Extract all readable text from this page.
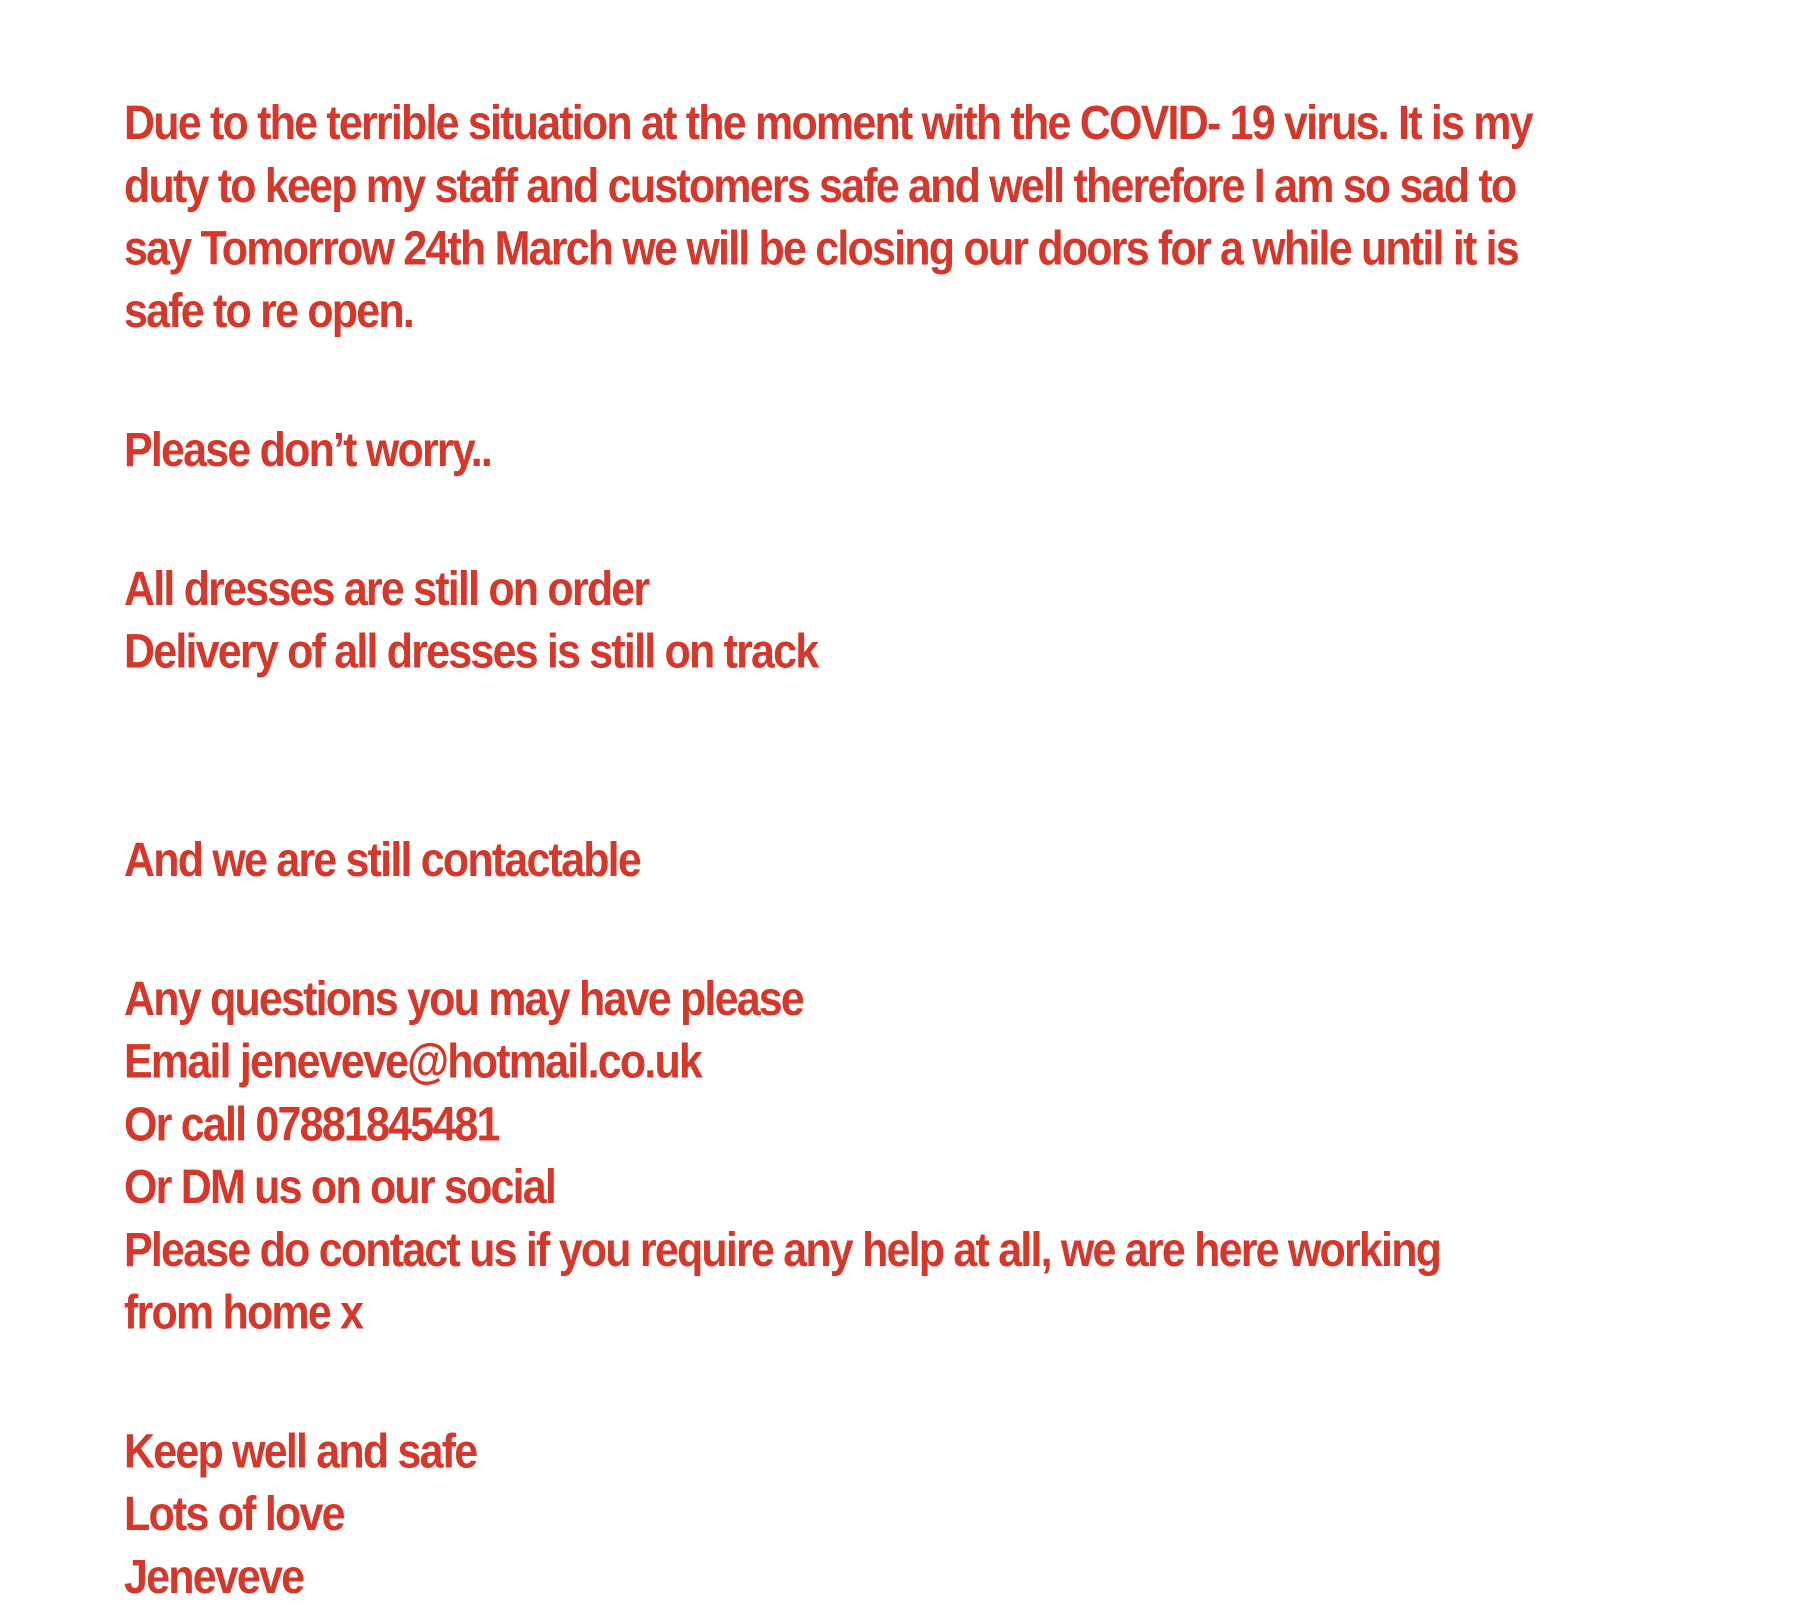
Due to the terrible situation at the moment with the COVID- 19 virus. It is my

duty to keep my staff and customers safe and well therefore I am so sad to

say Tomorrow 24th March we will be closing our doors for a while until it is

safe to re open.

Please don’t worry..

All dresses are still on order

Delivery of all dresses is still on track

And we are still contactable

Any questions you may have please

Email jeneveve@hotmail.co.uk

Or call 07881845481

Or DM us on our social

Please do contact us if you require any help at all, we are here working

from home x

Keep well and safe

Lots of love

Jeneveve
